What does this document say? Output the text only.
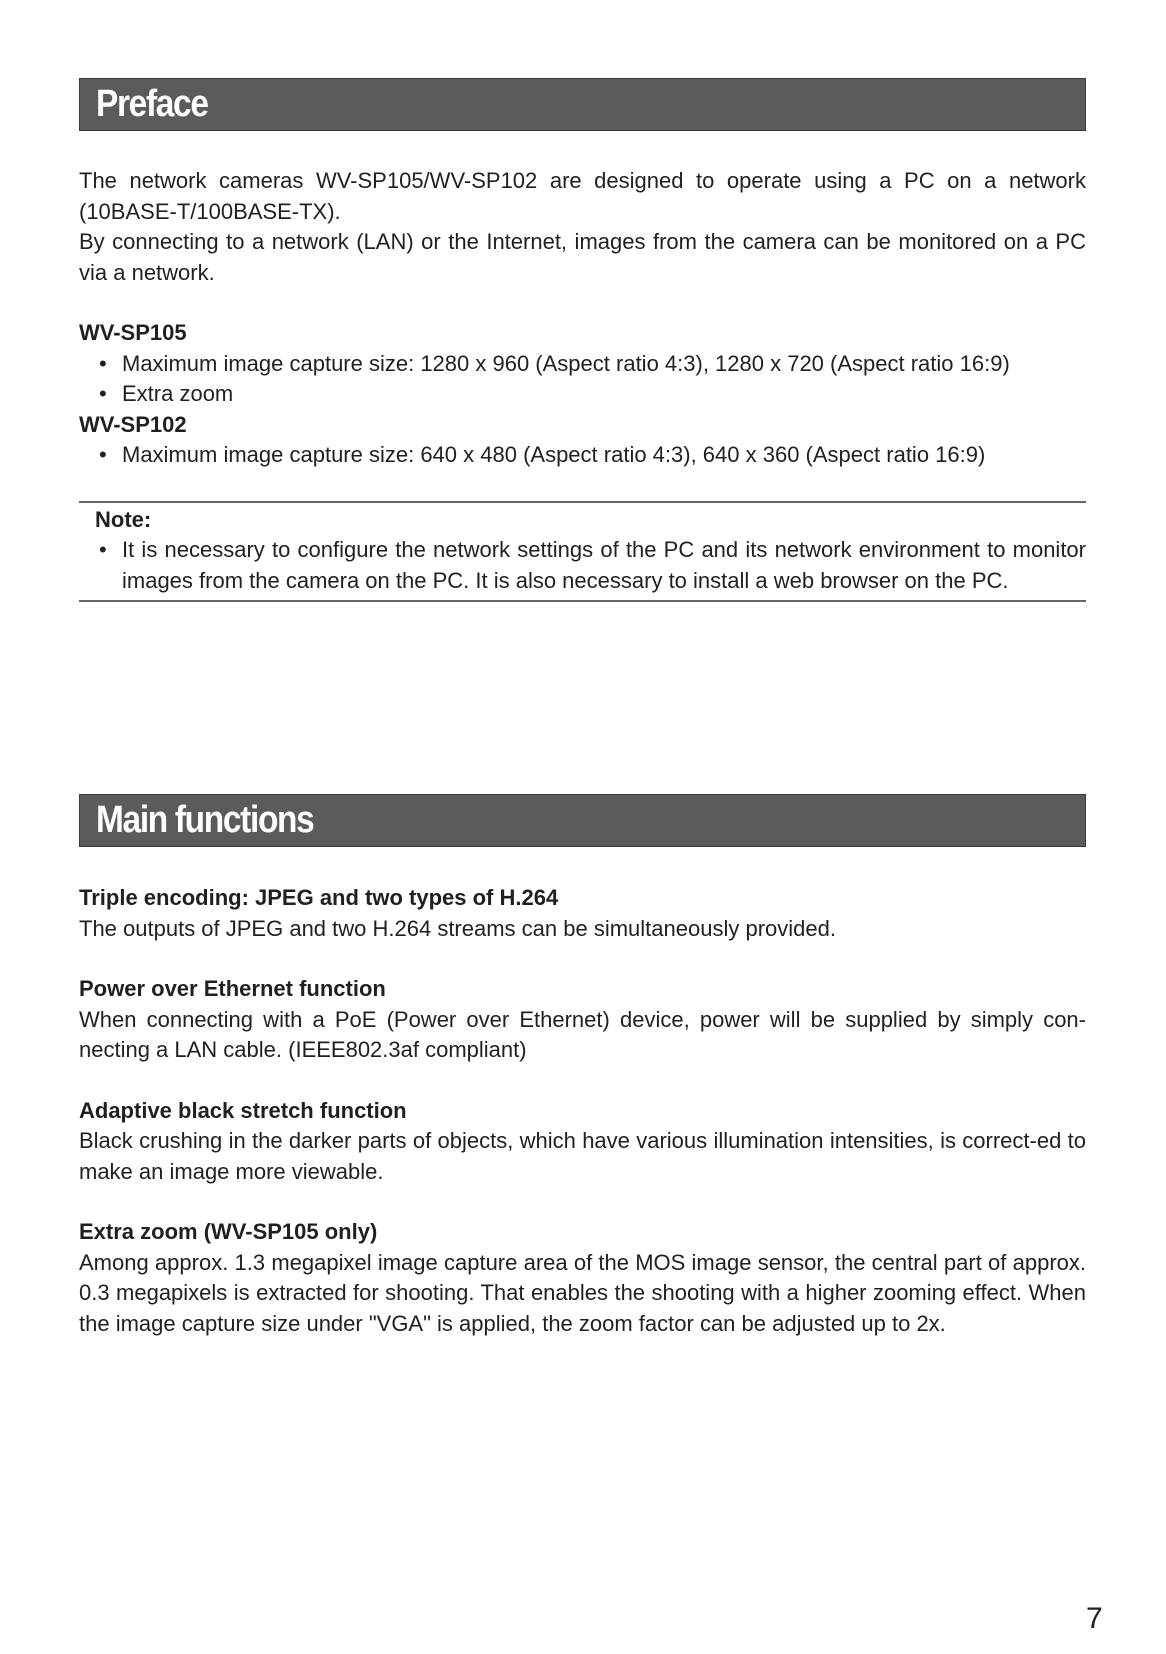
Preface

The network cameras WV-SP105/WV-SP102 are designed to operate using a PC on a network (10BASE-T/100BASE-TX).

By connecting to a network (LAN) or the Internet, images from the camera can be monitored on a PC via a network.

WV-SP105
• Maximum image capture size: 1280 x 960 (Aspect ratio 4:3), 1280 x 720 (Aspect ratio 16:9)
• Extra zoom
WV-SP102
• Maximum image capture size: 640 x 480 (Aspect ratio 4:3), 640 x 360 (Aspect ratio 16:9)
Note:
• It is necessary to configure the network settings of the PC and its network environment to monitor images from the camera on the PC. It is also necessary to install a web browser on the PC.
Main functions
Triple encoding: JPEG and two types of H.264

The outputs of JPEG and two H.264 streams can be simultaneously provided.

Power over Ethernet function

When connecting with a PoE (Power over Ethernet) device, power will be supplied by simply con-necting a LAN cable. (IEEE802.3af compliant)

Adaptive black stretch function

Black crushing in the darker parts of objects, which have various illumination intensities, is correct-ed to make an image more viewable.

Extra zoom (WV-SP105 only)

Among approx. 1.3 megapixel image capture area of the MOS image sensor, the central part of approx. 0.3 megapixels is extracted for shooting. That enables the shooting with a higher zooming effect. When the image capture size under "VGA" is applied, the zoom factor can be adjusted up to 2x.

7
